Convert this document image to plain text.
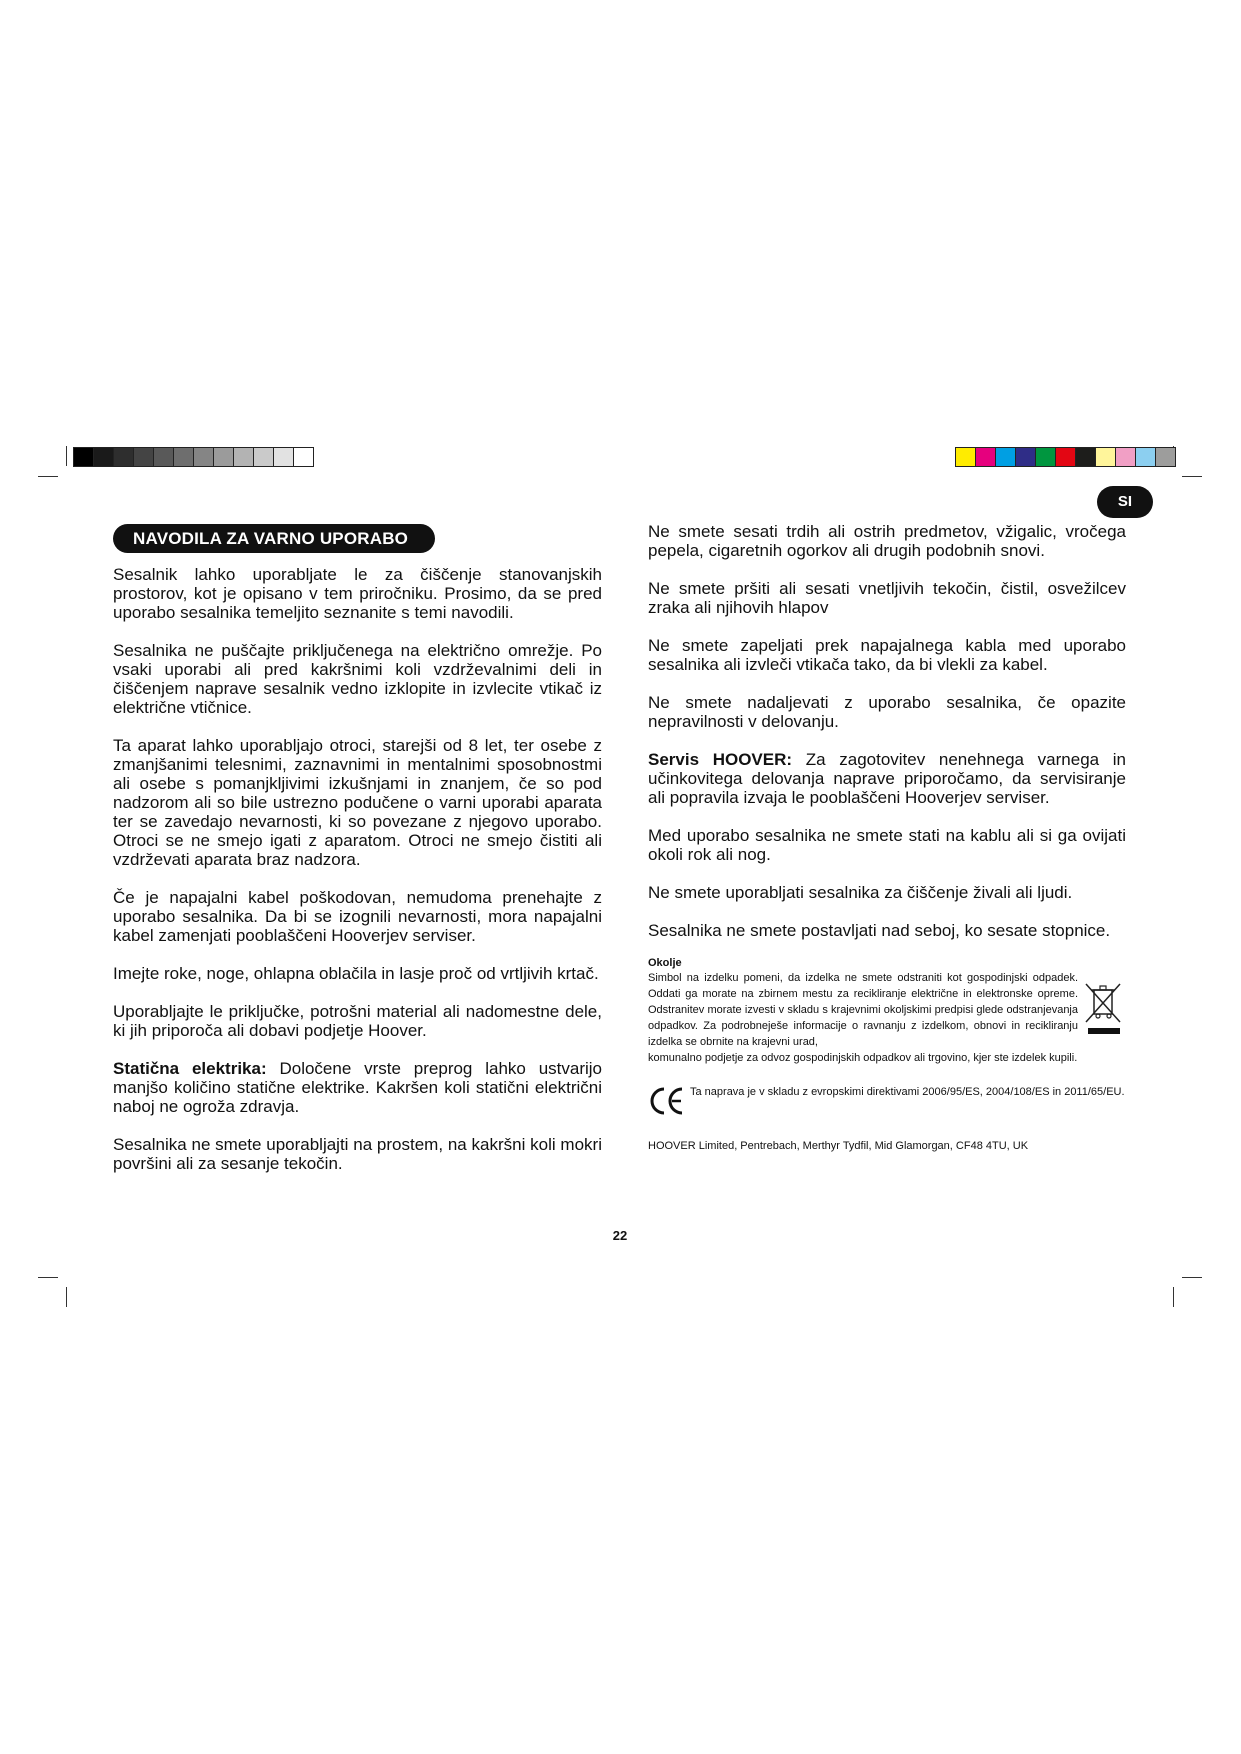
SI
NAVODILA ZA VARNO UPORABO

Sesalnik lahko uporabljate le za čiščenje stanovanjskih prostorov, kot je opisano v tem priročniku. Prosimo, da se pred uporabo sesalnika temeljito seznanite s temi navodili.

Sesalnika ne puščajte priključenega na električno omrežje. Po vsaki uporabi ali pred kakršnimi koli vzdrževalnimi deli in čiščenjem naprave sesalnik vedno izklopite in izvlecite vtikač iz električne vtičnice.

Ta aparat lahko uporabljajo otroci, starejši od 8 let, ter osebe z zmanjšanimi telesnimi, zaznavnimi in mentalnimi sposobnostmi ali osebe s pomanjkljivimi izkušnjami in znanjem, če so pod nadzorom ali so bile ustrezno podučene o varni uporabi aparata ter se zavedajo nevarnosti, ki so povezane z njegovo uporabo. Otroci se ne smejo igati z aparatom. Otroci ne smejo čistiti ali vzdrževati aparata braz nadzora.

Če je napajalni kabel poškodovan, nemudoma prenehajte z uporabo sesalnika. Da bi se izognili nevarnosti, mora napajalni kabel zamenjati pooblaščeni Hooverjev serviser.

Imejte roke, noge, ohlapna oblačila in lasje proč od vrtljivih krtač.

Uporabljajte le priključke, potrošni material ali nadomestne dele, ki jih priporoča ali dobavi podjetje Hoover.

Statična elektrika: Določene vrste preprog lahko ustvarijo manjšo količino statične elektrike. Kakršen koli statični električni naboj ne ogroža zdravja.

Sesalnika ne smete uporabljajti na prostem, na kakršni koli mokri površini ali za sesanje tekočin.

Ne smete sesati trdih ali ostrih predmetov, vžigalic, vročega pepela, cigaretnih ogorkov ali drugih podobnih snovi.

Ne smete pršiti ali sesati vnetljivih tekočin, čistil, osvežilcev zraka ali njihovih hlapov

Ne smete zapeljati prek napajalnega kabla med uporabo sesalnika ali izvleči vtikača tako, da bi vlekli za kabel.

Ne smete nadaljevati z uporabo sesalnika, če opazite nepravilnosti v delovanju.

Servis HOOVER: Za zagotovitev nenehnega varnega in učinkovitega delovanja naprave priporočamo, da servisiranje ali popravila izvaja le pooblaščeni Hooverjev serviser.

Med uporabo sesalnika ne smete stati na kablu ali si ga ovijati okoli rok ali nog.

Ne smete uporabljati sesalnika za čiščenje živali ali ljudi.

Sesalnika ne smete postavljati nad seboj, ko sesate stopnice.

Okolje
Simbol na izdelku pomeni, da izdelka ne smete odstraniti kot gospodinjski odpadek. Oddati ga morate na zbirnem mestu za recikliranje električne in elektronske opreme. Odstranitev morate izvesti v skladu s krajevnimi okoljskimi predpisi glede odstranjevanja odpadkov. Za podrobneješe informacije o ravnanju z izdelkom, obnovi in recikliranju izdelka se obrnite na krajevni urad,
komunalno podjetje za odvoz gospodinjskih odpadkov ali trgovino, kjer ste izdelek kupili.
Ta naprava je v skladu z evropskimi direktivami 2006/95/ES, 2004/108/ES in 2011/65/EU.
HOOVER Limited, Pentrebach, Merthyr Tydfil, Mid Glamorgan, CF48 4TU, UK
22
